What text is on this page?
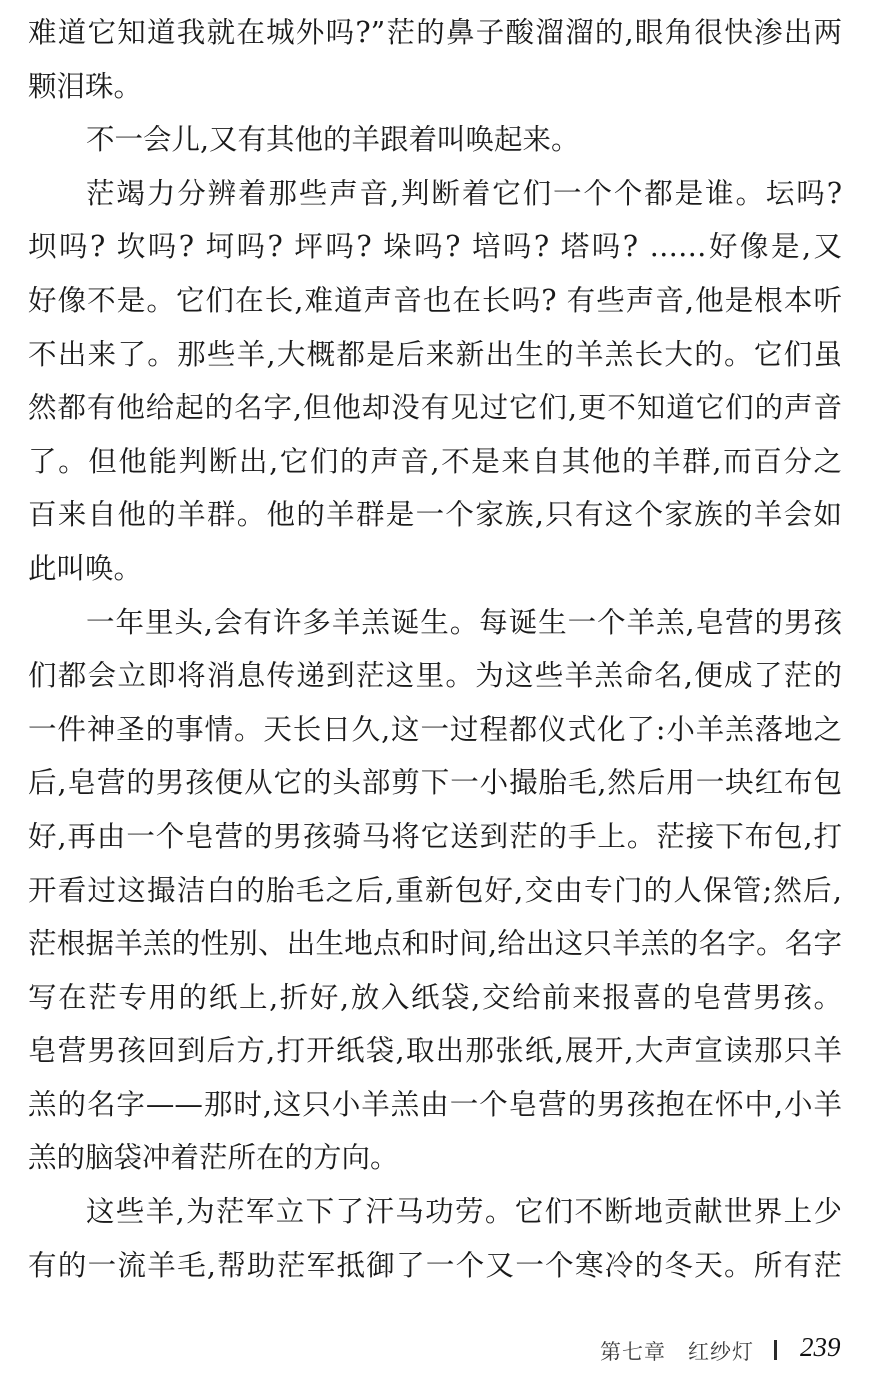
难道它知道我就在城外吗?”茫的鼻子酸溜溜的,眼角很快渗出两
颗泪珠。
不一会儿,又有其他的羊跟着叫唤起来。
茫竭力分辨着那些声音,判断着它们一个个都是谁。坛吗?
坝吗? 坎吗? 坷吗? 坪吗? 垛吗? 培吗? 塔吗? ……好像是,又
好像不是。它们在长,难道声音也在长吗? 有些声音,他是根本听
不出来了。那些羊,大概都是后来新出生的羊羔长大的。它们虽
然都有他给起的名字,但他却没有见过它们,更不知道它们的声音
了。但他能判断出,它们的声音,不是来自其他的羊群,而百分之
百来自他的羊群。他的羊群是一个家族,只有这个家族的羊会如
此叫唤。
一年里头,会有许多羊羔诞生。每诞生一个羊羔,皂营的男孩
们都会立即将消息传递到茫这里。为这些羊羔命名,便成了茫的
一件神圣的事情。天长日久,这一过程都仪式化了:小羊羔落地之
后,皂营的男孩便从它的头部剪下一小撮胎毛,然后用一块红布包
好,再由一个皂营的男孩骑马将它送到茫的手上。茫接下布包,打
开看过这撮洁白的胎毛之后,重新包好,交由专门的人保管;然后,
茫根据羊羔的性别、出生地点和时间,给出这只羊羔的名字。名字
写在茫专用的纸上,折好,放入纸袋,交给前来报喜的皂营男孩。
皂营男孩回到后方,打开纸袋,取出那张纸,展开,大声宣读那只羊
羔的名字——那时,这只小羊羔由一个皂营的男孩抱在怀中,小羊
羔的脑袋冲着茫所在的方向。
这些羊,为茫军立下了汗马功劳。它们不断地贡献世界上少
有的一流羊毛,帮助茫军抵御了一个又一个寒冷的冬天。所有茫
第七章 红纱灯 239
